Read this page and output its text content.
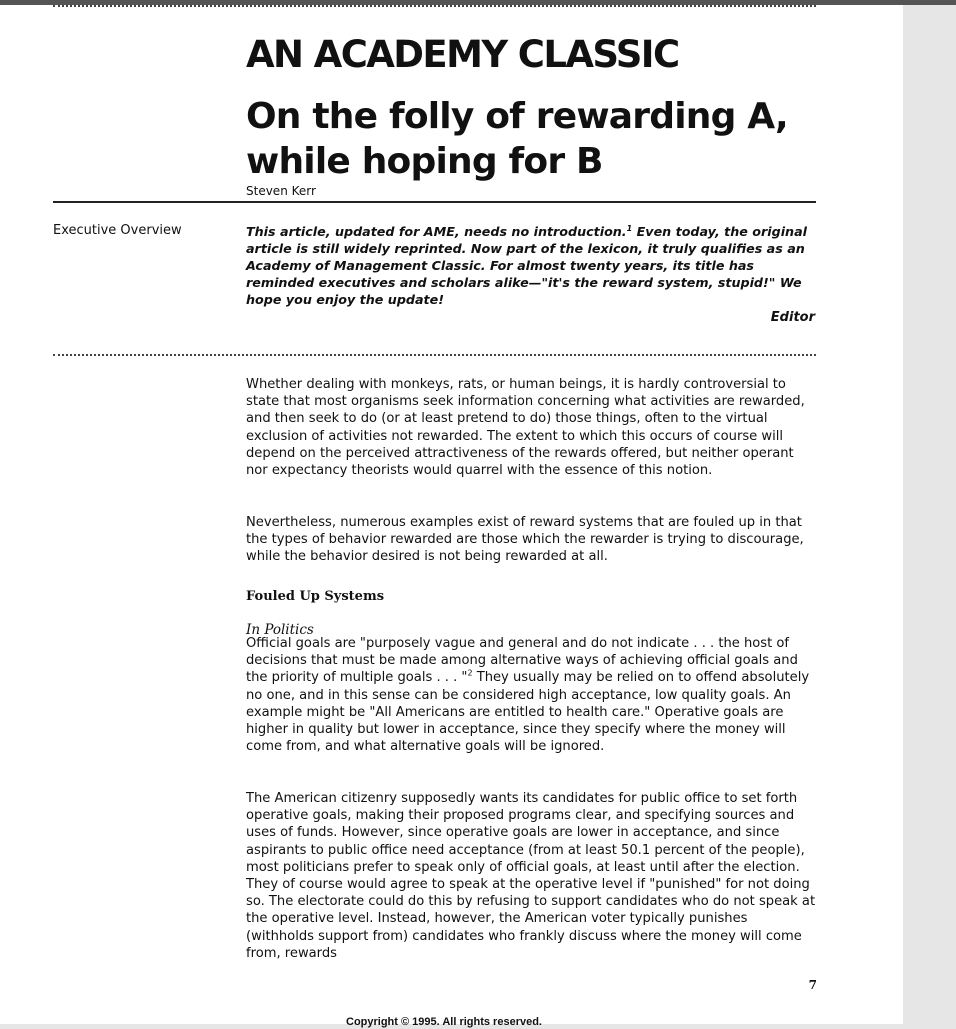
AN ACADEMY CLASSIC
On the folly of rewarding A, while hoping for B
Steven Kerr
Executive Overview	This article, updated for AME, needs no introduction.$^1$ Even today, the original article is still widely reprinted. Now part of the lexicon, it truly qualifies as an Academy of Management Classic. For almost twenty years, its title has reminded executives and scholars alike—"it's the reward system, stupid!" We hope you enjoy the update!

Editor

Whether dealing with monkeys, rats, or human beings, it is hardly controversial to state that most organisms seek information concerning what activities are rewarded, and then seek to do (or at least pretend to do) those things, often to the virtual exclusion of activities not rewarded. The extent to which this occurs of course will depend on the perceived attractiveness of the rewards offered, but neither operant nor expectancy theorists would quarrel with the essence of this notion.

Nevertheless, numerous examples exist of reward systems that are fouled up in that the types of behavior rewarded are those which the rewarder is trying to discourage, while the behavior desired is not being rewarded at all.

Fouled Up Systems
In Politics

Official goals are "purposely vague and general and do not indicate . . . the host of decisions that must be made among alternative ways of achieving official goals and the priority of multiple goals . . . "$^2$ They usually may be relied on to offend absolutely no one, and in this sense can be considered high acceptance, low quality goals. An example might be "All Americans are entitled to health care." Operative goals are higher in quality but lower in acceptance, since they specify where the money will come from, and what alternative goals will be ignored.

The American citizenry supposedly wants its candidates for public office to set forth operative goals, making their proposed programs clear, and specifying sources and uses of funds. However, since operative goals are lower in acceptance, and since aspirants to public office need acceptance (from at least 50.1 percent of the people), most politicians prefer to speak only of official goals, at least until after the election. They of course would agree to speak at the operative level if "punished" for not doing so. The electorate could do this by refusing to support candidates who do not speak at the operative level. Instead, however, the American voter typically punishes (withholds support from) candidates who frankly discuss where the money will come from, rewards

7
Copyright © 1995. All rights reserved.
